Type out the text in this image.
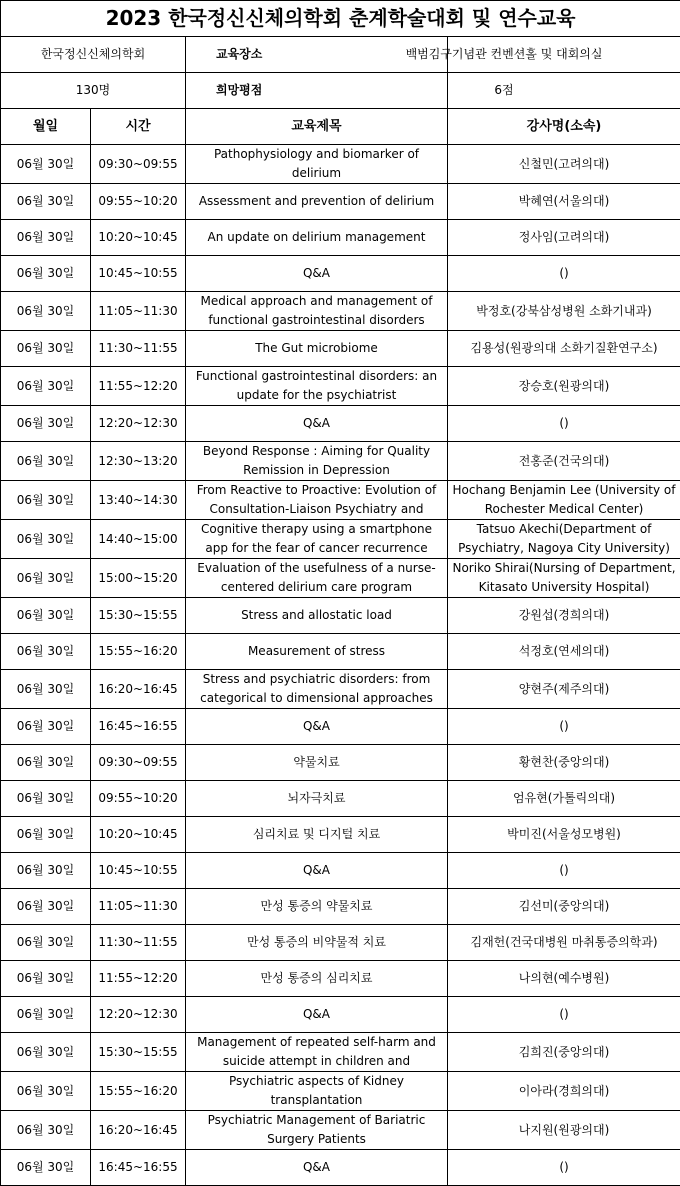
2023 한국정신신체의학회 춘계학술대회 및 연수교육
한국정신신체의학회	교육장소	백범김구기념관 컨벤션홀 및 대회의실
130명	희망평점	6점
월일	시간	교육제목	강사명(소속)
06월 30일	09:30~09:55	Pathophysiology and biomarker of delirium	신철민(고려의대)

06월 30일	09:55~10:20	Assessment and prevention of delirium	박혜연(서울의대)

06월 30일	10:20~10:45	An update on delirium management	정사임(고려의대)

06월 30일	10:45~10:55	Q&A	()

06월 30일	11:05~11:30	Medical approach and management of functional gastrointestinal disorders	박정호(강북삼성병원 소화기내과)

06월 30일	11:30~11:55	The Gut microbiome	김용성(원광의대 소화기질환연구소)

06월 30일	11:55~12:20	Functional gastrointestinal disorders: an update for the psychiatrist	장승호(원광의대)

06월 30일	12:20~12:30	Q&A	()

06월 30일	12:30~13:20	Beyond Response : Aiming for Quality Remission in Depression	전홍준(건국의대)

06월 30일	13:40~14:30	From Reactive to Proactive: Evolution of Consultation-Liaison Psychiatry and	Hochang Benjamin Lee (University of Rochester Medical Center)

06월 30일	14:40~15:00	Cognitive therapy using a smartphone app for the fear of cancer recurrence	Tatsuo Akechi(Department of Psychiatry, Nagoya City University)

06월 30일	15:00~15:20	Evaluation of the usefulness of a nurse-centered delirium care program	Noriko Shirai(Nursing of Department, Kitasato University Hospital)

06월 30일	15:30~15:55	Stress and allostatic load	강원섭(경희의대)

06월 30일	15:55~16:20	Measurement of stress	석정호(연세의대)

06월 30일	16:20~16:45	Stress and psychiatric disorders: from categorical to dimensional approaches	양현주(제주의대)

06월 30일	16:45~16:55	Q&A	()

06월 30일	09:30~09:55	약물치료	황현찬(중앙의대)

06월 30일	09:55~10:20	뇌자극치료	엄유현(가톨릭의대)

06월 30일	10:20~10:45	심리치료 및 디지털 치료	박미진(서울성모병원)

06월 30일	10:45~10:55	Q&A	()

06월 30일	11:05~11:30	만성 통증의 약물치료	김선미(중앙의대)

06월 30일	11:30~11:55	만성 통증의 비약물적 치료	김재헌(건국대병원 마취통증의학과)

06월 30일	11:55~12:20	만성 통증의 심리치료	나의현(예수병원)

06월 30일	12:20~12:30	Q&A	()

06월 30일	15:30~15:55	Management of repeated self-harm and suicide attempt in children and	김희진(중앙의대)

06월 30일	15:55~16:20	Psychiatric aspects of Kidney transplantation	이아라(경희의대)

06월 30일	16:20~16:45	Psychiatric Management of Bariatric Surgery Patients	나지원(원광의대)

06월 30일	16:45~16:55	Q&A	()
